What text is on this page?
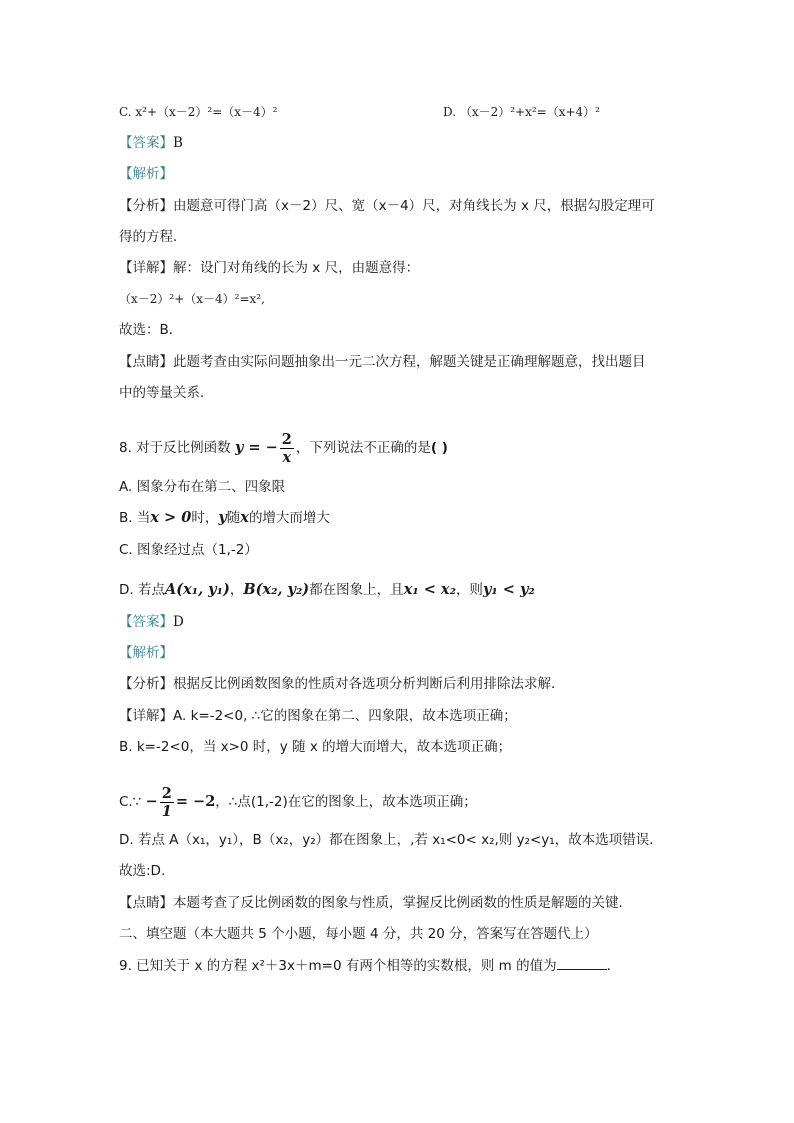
C. x²+（x－2）²=（x－4）²	D. （x－2）²+x²=（x+4）²
【答案】B
【解析】
【分析】由题意可得门高（x－2）尺、宽（x－4）尺，对角线长为 x 尺，根据勾股定理可
得的方程．
【详解】解：设门对角线的长为 x 尺，由题意得：
（x－2）²+（x－4）²=x²,
故选：B．
【点睛】此题考查由实际问题抽象出一元二次方程，解题关键是正确理解题意，找出题目
中的等量关系．
8. 对于反比例函数 y = − $\frac{2}{x}$ ，下列说法不正确的是( )
A. 图象分布在第二、四象限
B. 当x > 0时，y随x的增大而增大
C. 图象经过点（1,-2）
D. 若点A(x₁, y₁)，B(x₂, y₂)都在图象上，且x₁ < x₂，则y₁ < y₂
【答案】D
【解析】
【分析】根据反比例函数图象的性质对各选项分析判断后利用排除法求解．
【详解】A. k=-2<0, ∴它的图象在第二、四象限，故本选项正确；
B. k=-2<0，当 x>0 时，y 随 x 的增大而增大，故本选项正确；
C.∵ − $\frac{2}{1} = -2$，∴点(1,-2)在它的图象上，故本选项正确；
D. 若点 A（x₁，y₁），B（x₂，y₂）都在图象上，,若 x₁<0< x₂,则 y₂<y₁，故本选项错误．
故选:D.
【点睛】本题考查了反比例函数的图象与性质，掌握反比例函数的性质是解题的关键．
二、填空题（本大题共 5 个小题，每小题 4 分，共 20 分，答案写在答题代上）
9. 已知关于 x 的方程 x²＋3x＋m=0 有两个相等的实数根，则 m 的值为	．
